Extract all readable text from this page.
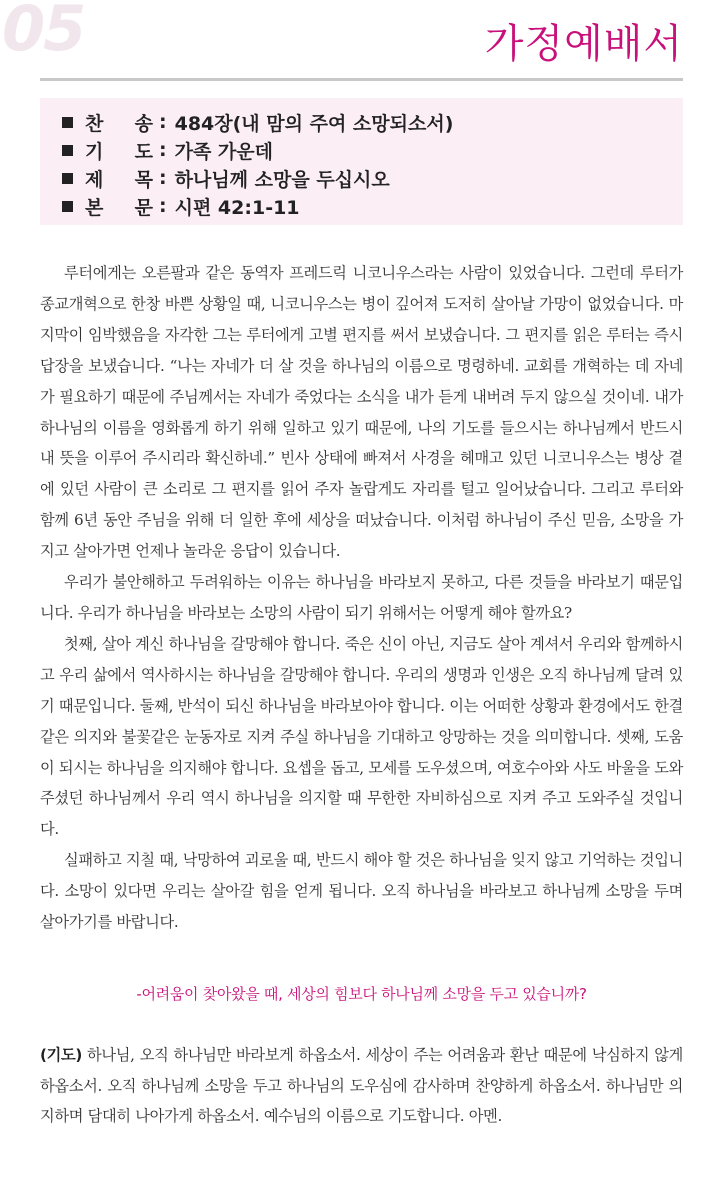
05	가정예배서
찬 송 : 484장(내 맘의 주여 소망되소서)
기 도 : 가족 가운데
제 목 : 하나님께 소망을 두십시오
본 문 : 시편 42:1-11

루터에게는 오른팔과 같은 동역자 프레드릭 니코니우스라는 사람이 있었습니다. 그런데 루터가 종교개혁으로 한창 바쁜 상황일 때, 니코니우스는 병이 깊어져 도저히 살아날 가망이 없었습니다. 마지막이 임박했음을 자각한 그는 루터에게 고별 편지를 써서 보냈습니다. 그 편지를 읽은 루터는 즉시 답장을 보냈습니다. “나는 자네가 더 살 것을 하나님의 이름으로 명령하네. 교회를 개혁하는 데 자네가 필요하기 때문에 주님께서는 자네가 죽었다는 소식을 내가 듣게 내버려 두지 않으실 것이네. 내가 하나님의 이름을 영화롭게 하기 위해 일하고 있기 때문에, 나의 기도를 들으시는 하나님께서 반드시 내 뜻을 이루어 주시리라 확신하네.” 빈사 상태에 빠져서 사경을 헤매고 있던 니코니우스는 병상 곁에 있던 사람이 큰 소리로 그 편지를 읽어 주자 놀랍게도 자리를 털고 일어났습니다. 그리고 루터와 함께 6년 동안 주님을 위해 더 일한 후에 세상을 떠났습니다. 이처럼 하나님이 주신 믿음, 소망을 가지고 살아가면 언제나 놀라운 응답이 있습니다.

우리가 불안해하고 두려워하는 이유는 하나님을 바라보지 못하고, 다른 것들을 바라보기 때문입니다. 우리가 하나님을 바라보는 소망의 사람이 되기 위해서는 어떻게 해야 할까요?

첫째, 살아 계신 하나님을 갈망해야 합니다. 죽은 신이 아닌, 지금도 살아 계셔서 우리와 함께하시고 우리 삶에서 역사하시는 하나님을 갈망해야 합니다. 우리의 생명과 인생은 오직 하나님께 달려 있기 때문입니다. 둘째, 반석이 되신 하나님을 바라보아야 합니다. 이는 어떠한 상황과 환경에서도 한결같은 의지와 불꽃같은 눈동자로 지켜 주실 하나님을 기대하고 앙망하는 것을 의미합니다. 셋째, 도움이 되시는 하나님을 의지해야 합니다. 요셉을 돕고, 모세를 도우셨으며, 여호수아와 사도 바울을 도와주셨던 하나님께서 우리 역시 하나님을 의지할 때 무한한 자비하심으로 지켜 주고 도와주실 것입니다.

실패하고 지칠 때, 낙망하여 괴로울 때, 반드시 해야 할 것은 하나님을 잊지 않고 기억하는 것입니다. 소망이 있다면 우리는 살아갈 힘을 얻게 됩니다. 오직 하나님을 바라보고 하나님께 소망을 두며 살아가기를 바랍니다.

-어려움이 찾아왔을 때, 세상의 힘보다 하나님께 소망을 두고 있습니까?
(기도) 하나님, 오직 하나님만 바라보게 하옵소서. 세상이 주는 어려움과 환난 때문에 낙심하지 않게 하옵소서. 오직 하나님께 소망을 두고 하나님의 도우심에 감사하며 찬양하게 하옵소서. 하나님만 의지하며 담대히 나아가게 하옵소서. 예수님의 이름으로 기도합니다. 아멘.
